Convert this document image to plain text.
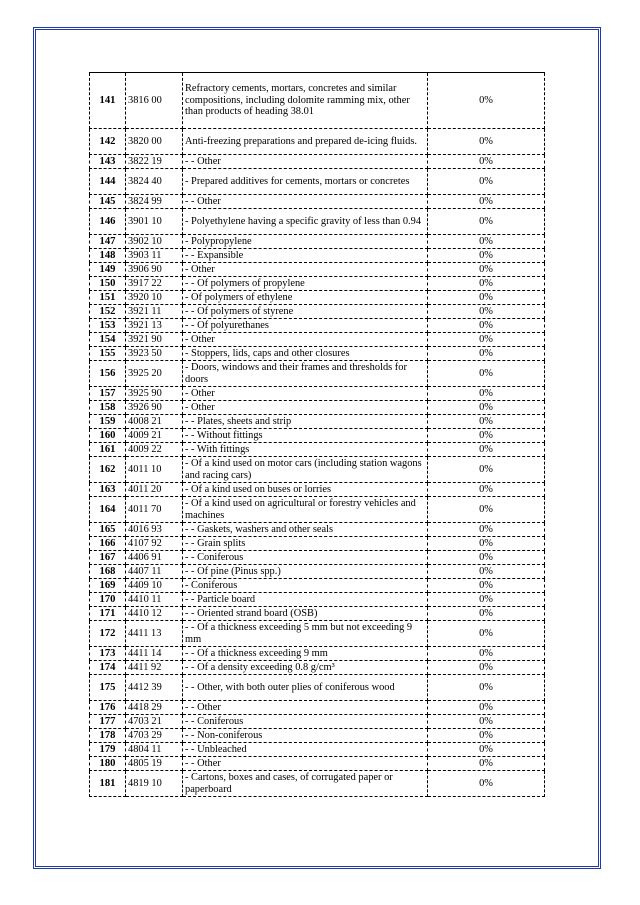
141	3816 00	Refractory cements, mortars, concretes and similar compositions, including dolomite ramming mix, other than products of heading 38.01	0%
142	3820 00	Anti-freezing preparations and prepared de-icing fluids.	0%
143	3822 19	- - Other	0%
144	3824 40	- Prepared additives for cements, mortars or concretes	0%
145	3824 99	- - Other	0%
146	3901 10	- Polyethylene having a specific gravity of less than 0.94	0%
147	3902 10	- Polypropylene	0%
148	3903 11	- - Expansible	0%
149	3906 90	- Other	0%
150	3917 22	- - Of polymers of propylene	0%
151	3920 10	- Of polymers of ethylene	0%
152	3921 11	- - Of polymers of styrene	0%
153	3921 13	- - Of polyurethanes	0%
154	3921 90	- Other	0%
155	3923 50	- Stoppers, lids, caps and other closures	0%
156	3925 20	- Doors, windows and their frames and thresholds for doors	0%
157	3925 90	- Other	0%
158	3926 90	- Other	0%
159	4008 21	- - Plates, sheets and strip	0%
160	4009 21	- - Without fittings	0%
161	4009 22	- - With fittings	0%
162	4011 10	- Of a kind used on motor cars (including station wagons and racing cars)	0%
163	4011 20	- Of a kind used on buses or lorries	0%
164	4011 70	- Of a kind used on agricultural or forestry vehicles and machines	0%
165	4016 93	- - Gaskets, washers and other seals	0%
166	4107 92	- - Grain splits	0%
167	4406 91	- - Coniferous	0%
168	4407 11	- - Of pine (Pinus spp.)	0%
169	4409 10	- Coniferous	0%
170	4410 11	- - Particle board	0%
171	4410 12	- - Oriented strand board (OSB)	0%
172	4411 13	- - Of a thickness exceeding 5 mm but not exceeding 9 mm	0%
173	4411 14	- - Of a thickness exceeding 9 mm	0%
174	4411 92	- - Of a density exceeding 0.8 g/cm³	0%
175	4412 39	- - Other, with both outer plies of coniferous wood	0%
176	4418 29	- - Other	0%
177	4703 21	- - Coniferous	0%
178	4703 29	- - Non-coniferous	0%
179	4804 11	- - Unbleached	0%
180	4805 19	- - Other	0%
181	4819 10	- Cartons, boxes and cases, of corrugated paper or paperboard	0%
